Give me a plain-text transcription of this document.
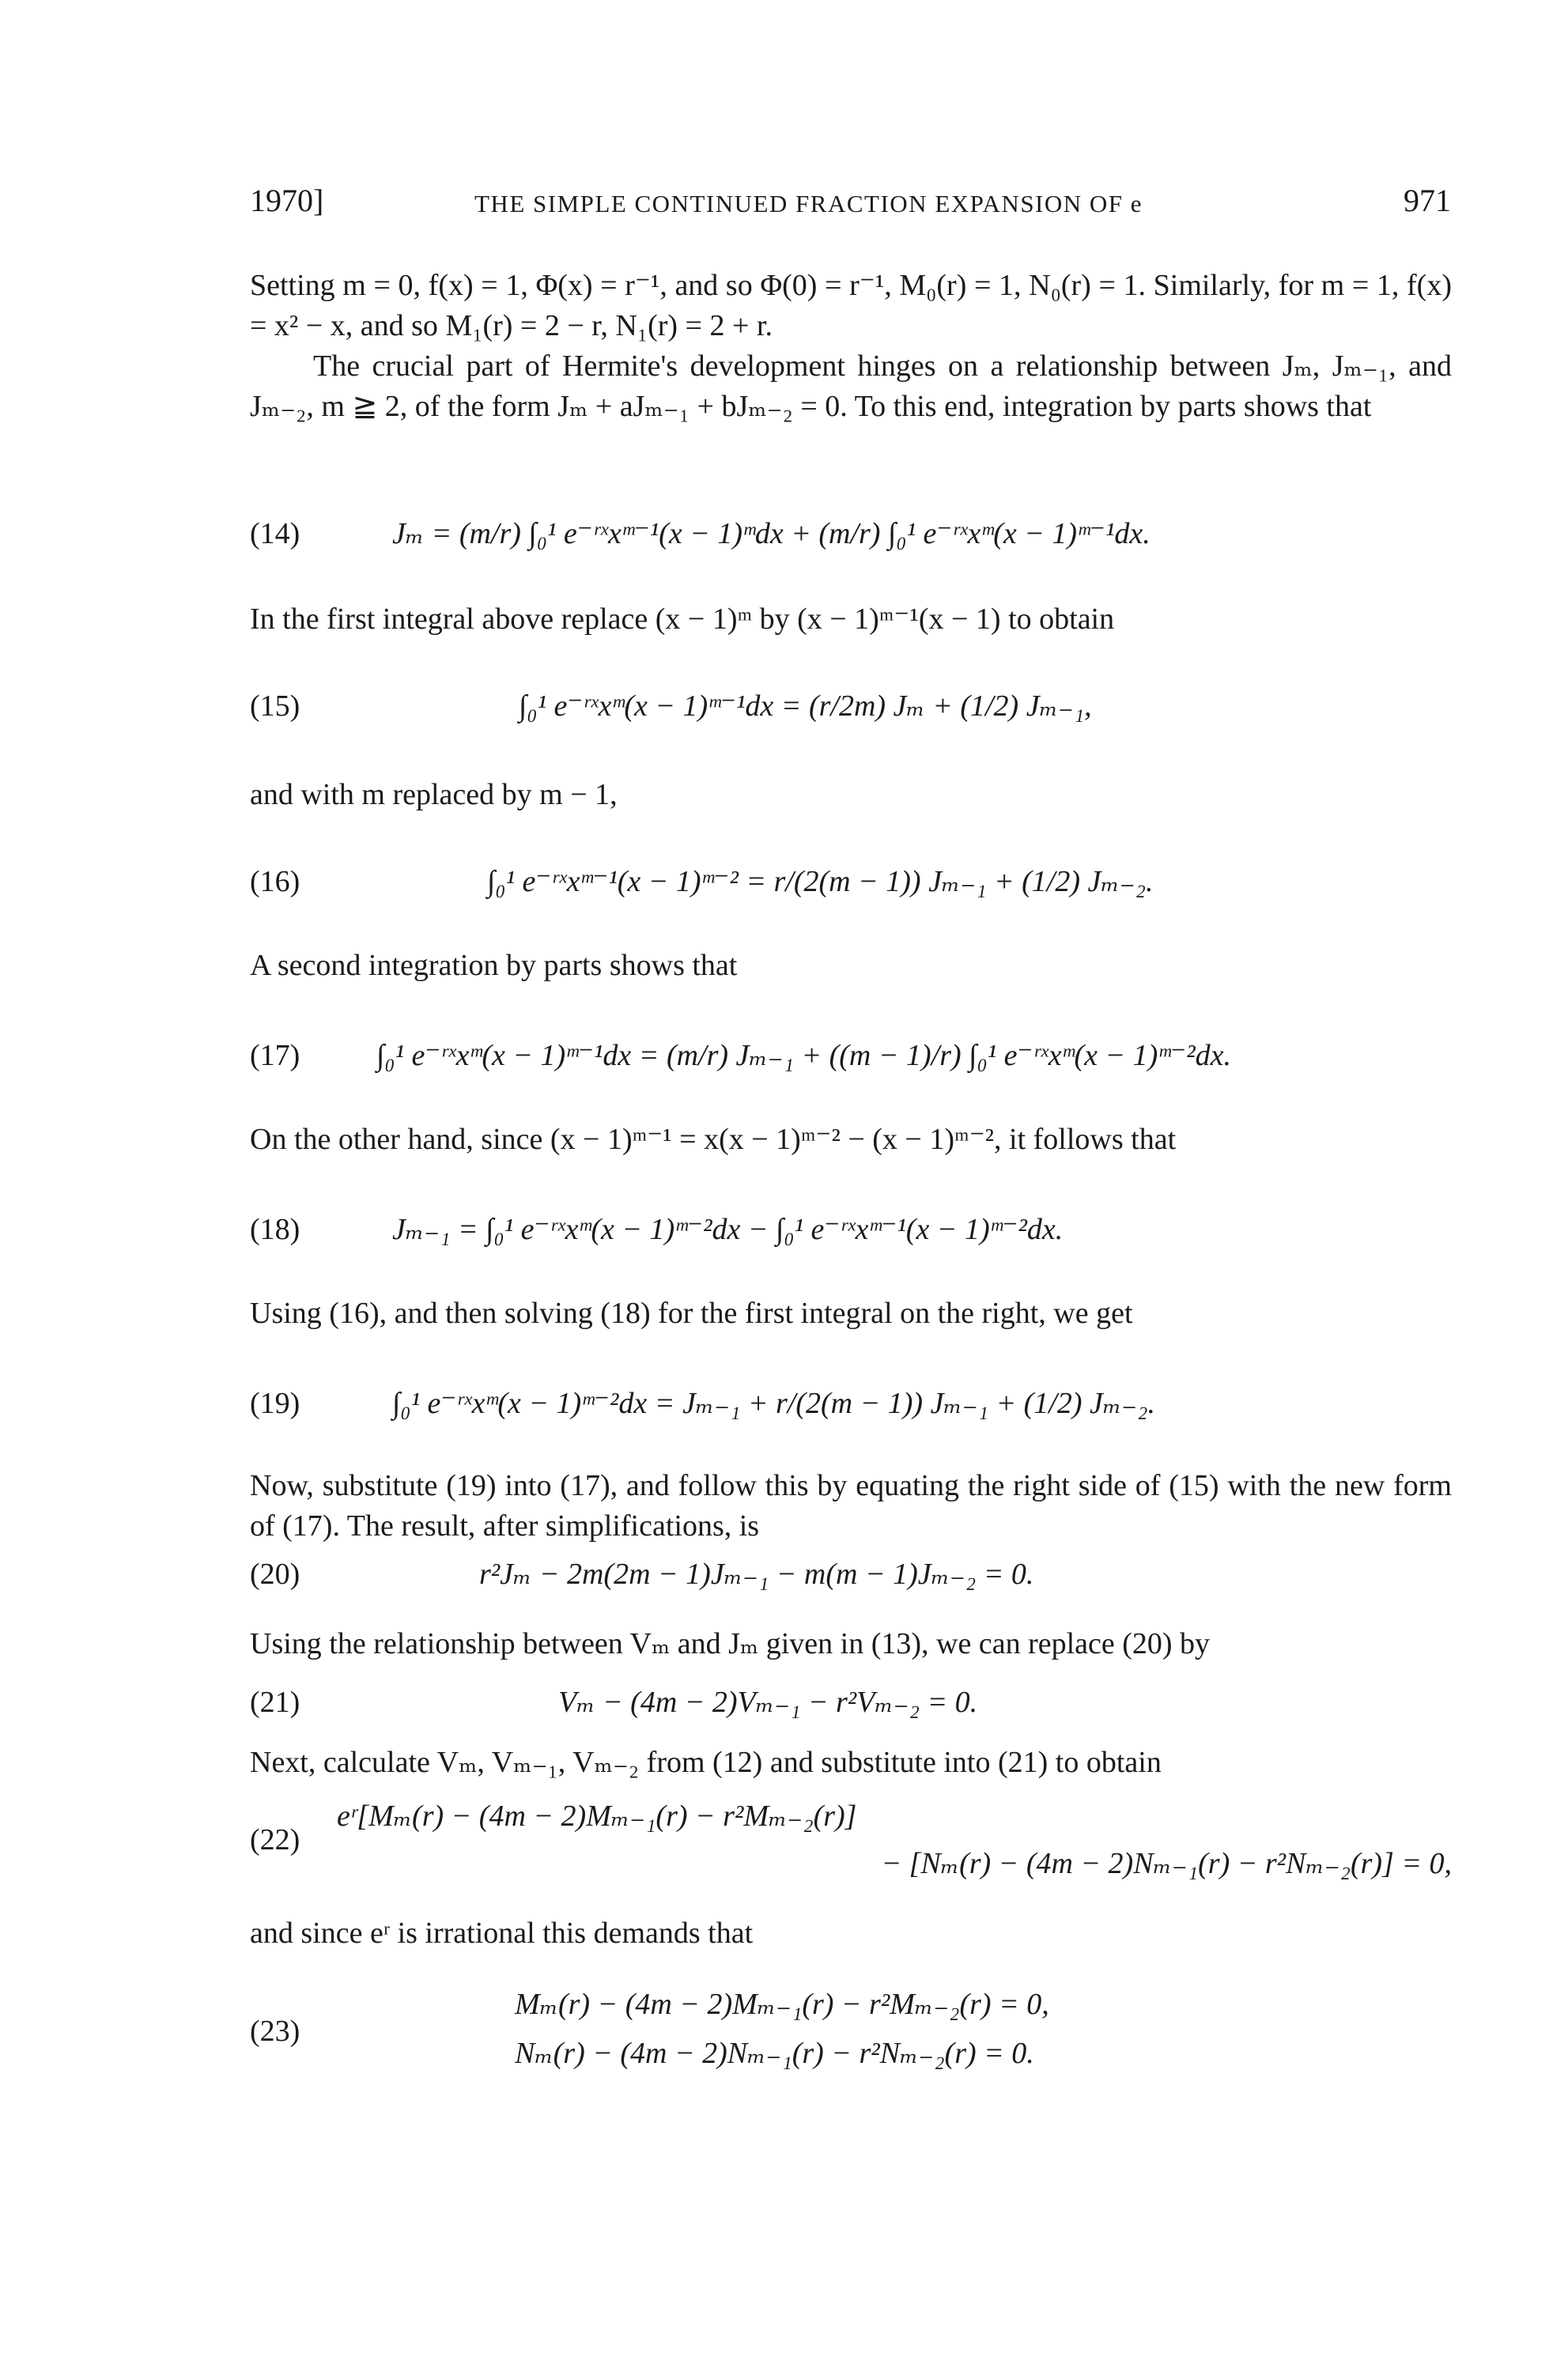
1970]	THE SIMPLE CONTINUED FRACTION EXPANSION OF e	971

Setting m = 0, f(x) = 1, Φ(x) = r⁻¹, and so Φ(0) = r⁻¹, M₀(r) = 1, N₀(r) = 1. Similarly, for m = 1, f(x) = x² − x, and so M₁(r) = 2 − r, N₁(r) = 2 + r.

The crucial part of Hermite's development hinges on a relationship between Jₘ, Jₘ₋₁, and Jₘ₋₂, m ≧ 2, of the form Jₘ + aJₘ₋₁ + bJₘ₋₂ = 0. To this end, integration by parts shows that

(14)	Jₘ = (m/r) ∫₀¹ e⁻ʳˣxᵐ⁻¹(x − 1)ᵐdx + (m/r) ∫₀¹ e⁻ʳˣxᵐ(x − 1)ᵐ⁻¹dx.

In the first integral above replace (x − 1)ᵐ by (x − 1)ᵐ⁻¹(x − 1) to obtain

(15)	∫₀¹ e⁻ʳˣxᵐ(x − 1)ᵐ⁻¹dx = (r/2m) Jₘ + (1/2) Jₘ₋₁,

and with m replaced by m − 1,

(16)	∫₀¹ e⁻ʳˣxᵐ⁻¹(x − 1)ᵐ⁻² = r/(2(m − 1)) Jₘ₋₁ + (1/2) Jₘ₋₂.

A second integration by parts shows that

(17)	∫₀¹ e⁻ʳˣxᵐ(x − 1)ᵐ⁻¹dx = (m/r) Jₘ₋₁ + ((m − 1)/r) ∫₀¹ e⁻ʳˣxᵐ(x − 1)ᵐ⁻²dx.

On the other hand, since (x − 1)ᵐ⁻¹ = x(x − 1)ᵐ⁻² − (x − 1)ᵐ⁻², it follows that

(18)	Jₘ₋₁ = ∫₀¹ e⁻ʳˣxᵐ(x − 1)ᵐ⁻²dx − ∫₀¹ e⁻ʳˣxᵐ⁻¹(x − 1)ᵐ⁻²dx.

Using (16), and then solving (18) for the first integral on the right, we get

(19)	∫₀¹ e⁻ʳˣxᵐ(x − 1)ᵐ⁻²dx = Jₘ₋₁ + r/(2(m − 1)) Jₘ₋₁ + (1/2) Jₘ₋₂.

Now, substitute (19) into (17), and follow this by equating the right side of (15) with the new form of (17). The result, after simplifications, is

(20)	r²Jₘ − 2m(2m − 1)Jₘ₋₁ − m(m − 1)Jₘ₋₂ = 0.

Using the relationship between Vₘ and Jₘ given in (13), we can replace (20) by

(21)	Vₘ − (4m − 2)Vₘ₋₁ − r²Vₘ₋₂ = 0.

Next, calculate Vₘ, Vₘ₋₁, Vₘ₋₂ from (12) and substitute into (21) to obtain

(22)
eʳ[Mₘ(r) − (4m − 2)Mₘ₋₁(r) − r²Mₘ₋₂(r)]
− [Nₘ(r) − (4m − 2)Nₘ₋₁(r) − r²Nₘ₋₂(r)] = 0,

and since eʳ is irrational this demands that

(23)
Mₘ(r) − (4m − 2)Mₘ₋₁(r) − r²Mₘ₋₂(r) = 0,
Nₘ(r) − (4m − 2)Nₘ₋₁(r) − r²Nₘ₋₂(r) = 0.
